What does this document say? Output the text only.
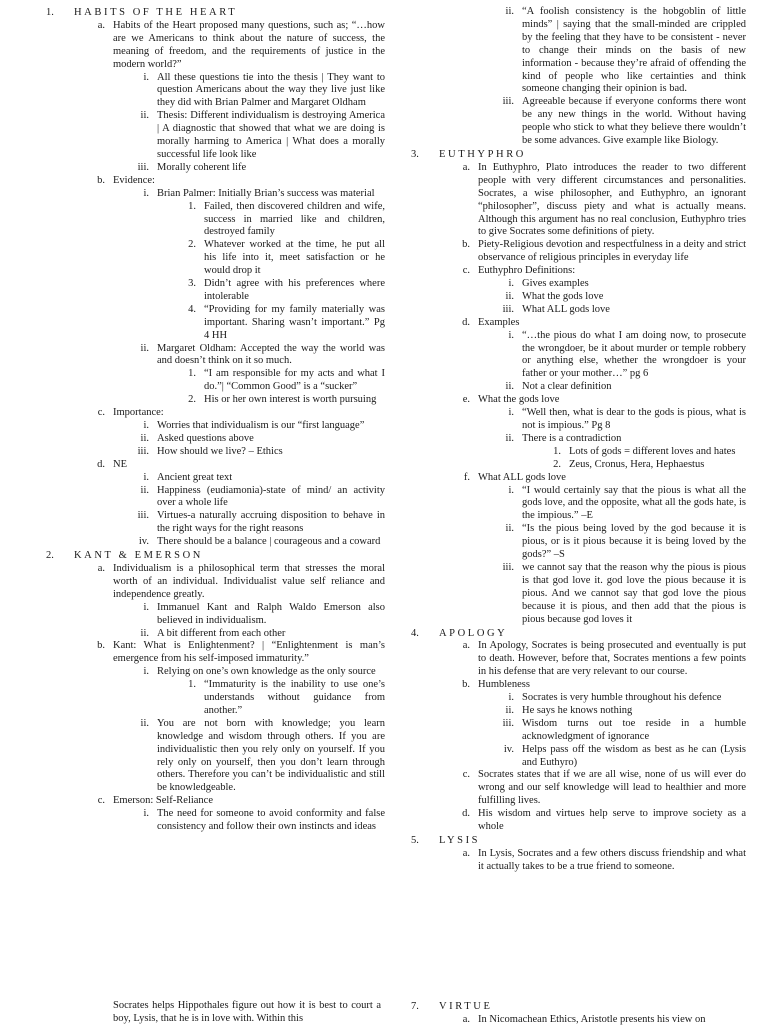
1.	HABITS OF THE HEART
a. Habits of the Heart proposed many questions, such as; “…how are we Americans to think about the nature of success, the meaning of freedom, and the requirements of justice in the modern world?”
i. All these questions tie into the thesis | They want to question Americans about the way they live just like they did with Brian Palmer and Margaret Oldham
ii. Thesis: Different individualism is destroying America | A diagnostic that showed that what we are doing is morally harming to America | What does a morally successful life look like
iii. Morally coherent life
b. Evidence:
i. Brian Palmer: Initially Brian’s success was material
1. Failed, then discovered children and wife, success in married like and children, destroyed family
2. Whatever worked at the time, he put all his life into it, meet satisfaction or he would drop it
3. Didn’t agree with his preferences where intolerable
4. “Providing for my family materially was important. Sharing wasn’t important.” Pg 4 HH
ii. Margaret Oldham: Accepted the way the world was and doesn’t think on it so much.
1. “I am responsible for my acts and what I do.”| “Common Good” is a “sucker”
2. His or her own interest is worth pursuing
c. Importance:
i. Worries that individualism is our “first language”
ii. Asked questions above
iii. How should we live? – Ethics
d. NE
i. Ancient great text
ii. Happiness (eudiamonia)-state of mind/ an activity over a whole life
iii. Virtues-a naturally accruing disposition to behave in the right ways for the right reasons
iv. There should be a balance | courageous and a coward
2.	KANT & EMERSON
a. Individualism is a philosophical term that stresses the moral worth of an individual. Individualist value self reliance and independence greatly.
i. Immanuel Kant and Ralph Waldo Emerson also believed in individualism.
ii. A bit different from each other
b. Kant: What is Enlightenment? | “Enlightenment is man’s emergence from his self-imposed immaturity.”
i. Relying on one’s own knowledge as the only source
1. “Immaturity is the inability to use one’s understands without guidance from another.”
ii. You are not born with knowledge; you learn knowledge and wisdom through others. If you are individualistic then you rely only on yourself. If you rely only on yourself, then you don’t learn through others. Therefore you can’t be individualistic and still be knowledgeable.
c. Emerson: Self-Reliance
i. The need for someone to avoid conformity and false consistency and follow their own instincts and ideas
ii. “A foolish consistency is the hobgoblin of little minds” | saying that the small-minded are crippled by the feeling that they have to be consistent - never to change their minds on the basis of new information - because they’re afraid of offending the kind of people who like certainties and think someone changing their opinion is bad.
iii. Agreeable because if everyone conforms there wont be any new things in the world. Without having people who stick to what they believe there wouldn’t be some advances. Give example like Biology.
3.	EUTHYPHRO
a. In Euthyphro, Plato introduces the reader to two different people with very different circumstances and personalities. Socrates, a wise philosopher, and Euthyphro, an ignorant “philosopher”, discuss piety and what is actually means. Although this argument has no real conclusion, Euthyphro tries to give Socrates some definitions of piety.
b. Piety-Religious devotion and respectfulness in a deity and strict observance of religious principles in everyday life
c. Euthyphro Definitions:
i. Gives examples
ii. What the gods love
iii. What ALL gods love
d. Examples
i. “…the pious do what I am doing now, to prosecute the wrongdoer, be it about murder or temple robbery or anything else, whether the wrongdoer is your father or your mother…” pg 6
ii. Not a clear definition
e. What the gods love
i. “Well then, what is dear to the gods is pious, what is not is impious.” Pg 8
ii. There is a contradiction
1. Lots of gods = different loves and hates
2. Zeus, Cronus, Hera, Hephaestus
f. What ALL gods love
i. “I would certainly say that the pious is what all the gods love, and the opposite, what all the gods hate, is the impious.” –E
ii. “Is the pious being loved by the god because it is pious, or is it pious because it is being loved by the gods?” –S
iii. we cannot say that the reason why the pious is pious is that god love it. god love the pious because it is pious. And we cannot say that god love the pious because it is pious, and then add that the pious is pious because god loves it
4.	APOLOGY
a. In Apology, Socrates is being prosecuted and eventually is put to death. However, before that, Socrates mentions a few points in his defense that are very relevant to our course.
b. Humbleness
i. Socrates is very humble throughout his defence
ii. He says he knows nothing
iii. Wisdom turns out toe reside in a humble acknowledgment of ignorance
iv. Helps pass off the wisdom as best as he can (Lysis and Euthyro)
c. Socrates states that if we are all wise, none of us will ever do wrong and our self knowledge will lead to healthier and more fulfilling lives.
d. His wisdom and virtues help serve to improve society as a whole
5.	LYSIS
a. In Lysis, Socrates and a few others discuss friendship and what it actually takes to be a true friend to someone.
Socrates helps Hippothales figure out how it is best to court a boy, Lysis, that he is in love with. Within this
7.	VIRTUE
a. In Nicomachean Ethics, Aristotle presents his view on
